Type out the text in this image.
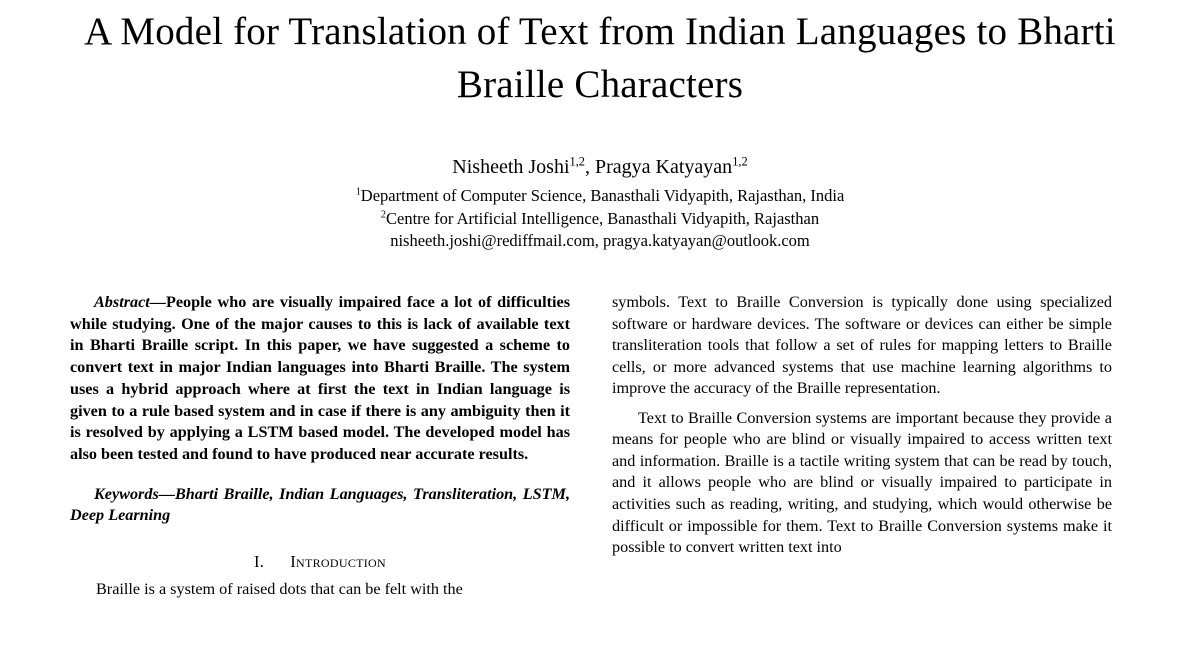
A Model for Translation of Text from Indian Languages to Bharti Braille Characters
Nisheeth Joshi$^{1,2}$, Pragya Katyayan$^{1,2}$
$^1$Department of Computer Science, Banasthali Vidyapith, Rajasthan, India
$^2$Centre for Artificial Intelligence, Banasthali Vidyapith, Rajasthan
nisheeth.joshi@rediffmail.com, pragya.katyayan@outlook.com

Abstract—People who are visually impaired face a lot of difficulties while studying. One of the major causes to this is lack of available text in Bharti Braille script. In this paper, we have suggested a scheme to convert text in major Indian languages into Bharti Braille. The system uses a hybrid approach where at first the text in Indian language is given to a rule based system and in case if there is any ambiguity then it is resolved by applying a LSTM based model. The developed model has also been tested and found to have produced near accurate results.

Keywords—Bharti Braille, Indian Languages, Transliteration, LSTM, Deep Learning

I. Introduction

Braille is a system of raised dots that can be felt with the

symbols. Text to Braille Conversion is typically done using specialized software or hardware devices. The software or devices can either be simple transliteration tools that follow a set of rules for mapping letters to Braille cells, or more advanced systems that use machine learning algorithms to improve the accuracy of the Braille representation.

Text to Braille Conversion systems are important because they provide a means for people who are blind or visually impaired to access written text and information. Braille is a tactile writing system that can be read by touch, and it allows people who are blind or visually impaired to participate in activities such as reading, writing, and studying, which would otherwise be difficult or impossible for them. Text to Braille Conversion systems make it possible to convert written text into
